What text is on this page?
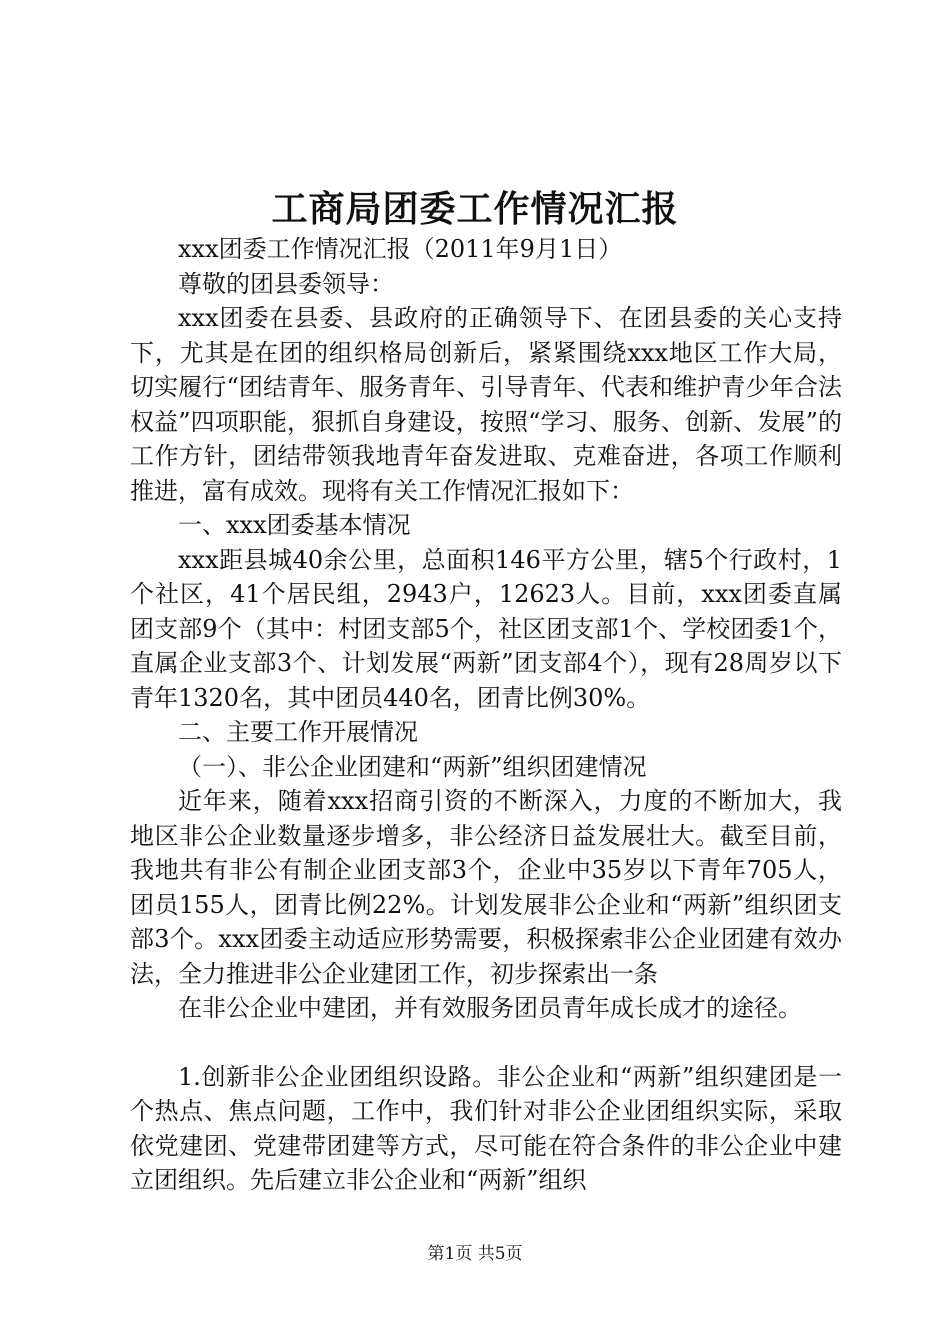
工商局团委工作情况汇报

xxx团委工作情况汇报（2011年9月1日）

尊敬的团县委领导：

xxx团委在县委、县政府的正确领导下、在团县委的关心支持下，尤其是在团的组织格局创新后，紧紧围绕xxx地区工作大局，切实履行“团结青年、服务青年、引导青年、代表和维护青少年合法权益”四项职能，狠抓自身建设，按照“学习、服务、创新、发展”的工作方针，团结带领我地青年奋发进取、克难奋进，各项工作顺利推进，富有成效。现将有关工作情况汇报如下：

一、xxx团委基本情况

xxx距县城40余公里，总面积146平方公里，辖5个行政村，1个社区，41个居民组，2943户，12623人。目前，xxx团委直属团支部9个（其中：村团支部5个，社区团支部1个、学校团委1个，直属企业支部3个、计划发展“两新”团支部4个），现有28周岁以下青年1320名，其中团员440名，团青比例30%。

二、主要工作开展情况

（一）、非公企业团建和“两新”组织团建情况

近年来，随着xxx招商引资的不断深入，力度的不断加大，我地区非公企业数量逐步增多，非公经济日益发展壮大。截至目前，我地共有非公有制企业团支部3个，企业中35岁以下青年705人，团员155人，团青比例22%。计划发展非公企业和“两新”组织团支部3个。xxx团委主动适应形势需要，积极探索非公企业团建有效办法，全力推进非公企业建团工作，初步探索出一条

在非公企业中建团，并有效服务团员青年成长成才的途径。

1.创新非公企业团组织设路。非公企业和“两新”组织建团是一个热点、焦点问题，工作中，我们针对非公企业团组织实际，采取依党建团、党建带团建等方式，尽可能在符合条件的非公企业中建立团组织。先后建立非公企业和“两新”组织

第1页 共5页
